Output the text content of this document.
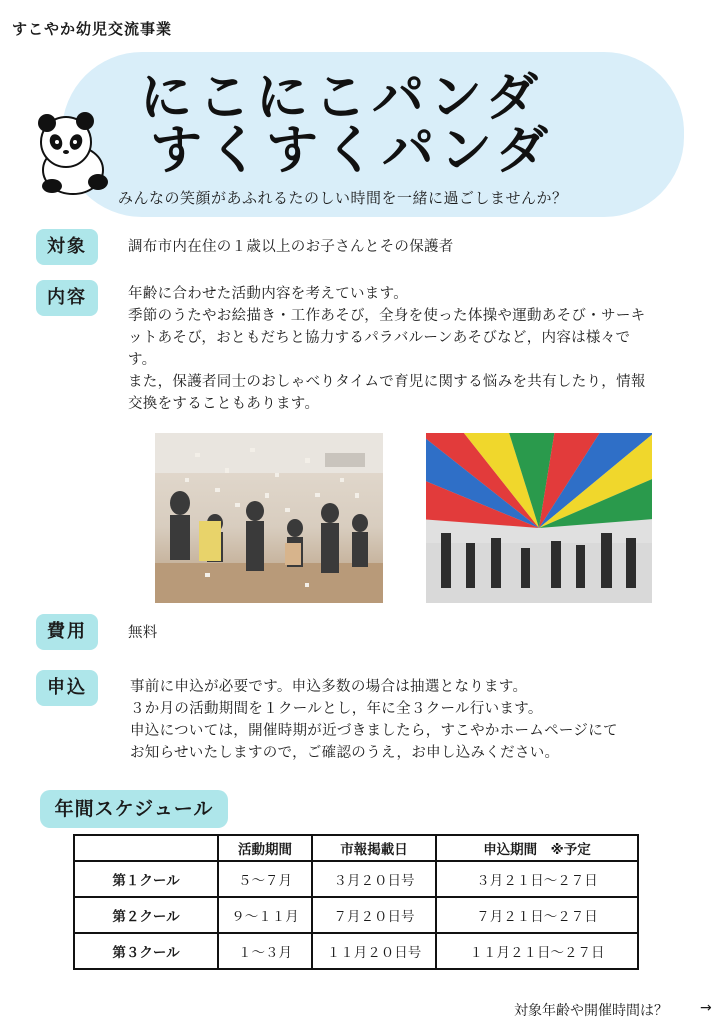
すこやか幼児交流事業
にこにこパンダ
すくすくパンダ
みんなの笑顔があふれるたのしい時間を一緒に過ごしませんか？
対象	調布市内在住の１歳以上のお子さんとその保護者
内容	年齢に合わせた活動内容を考えています。
季節のうたやお絵描き・工作あそび，全身を使った体操や運動あそび・サーキ
ットあそび，おともだちと協力するパラバルーンあそびなど，内容は様々で
す。
また，保護者同士のおしゃべりタイムで育児に関する悩みを共有したり，情報
交換をすることもあります。
費用	無料
申込	事前に申込が必要です。申込多数の場合は抽選となります。
３か月の活動期間を１クールとし，年に全３クール行います。
申込については，開催時期が近づきましたら，すこやかホームページにて
お知らせいたしますので，ご確認のうえ，お申し込みください。
年間スケジュール
	活動期間	市報掲載日	申込期間　※予定
第１クール	５〜７月	３月２０日号	３月２１日〜２７日
第２クール	９〜１１月	７月２０日号	７月２１日〜２７日
第３クール	１〜３月	１１月２０日号	１１月２１日〜２７日
対象年齢や開催時間は？ →
